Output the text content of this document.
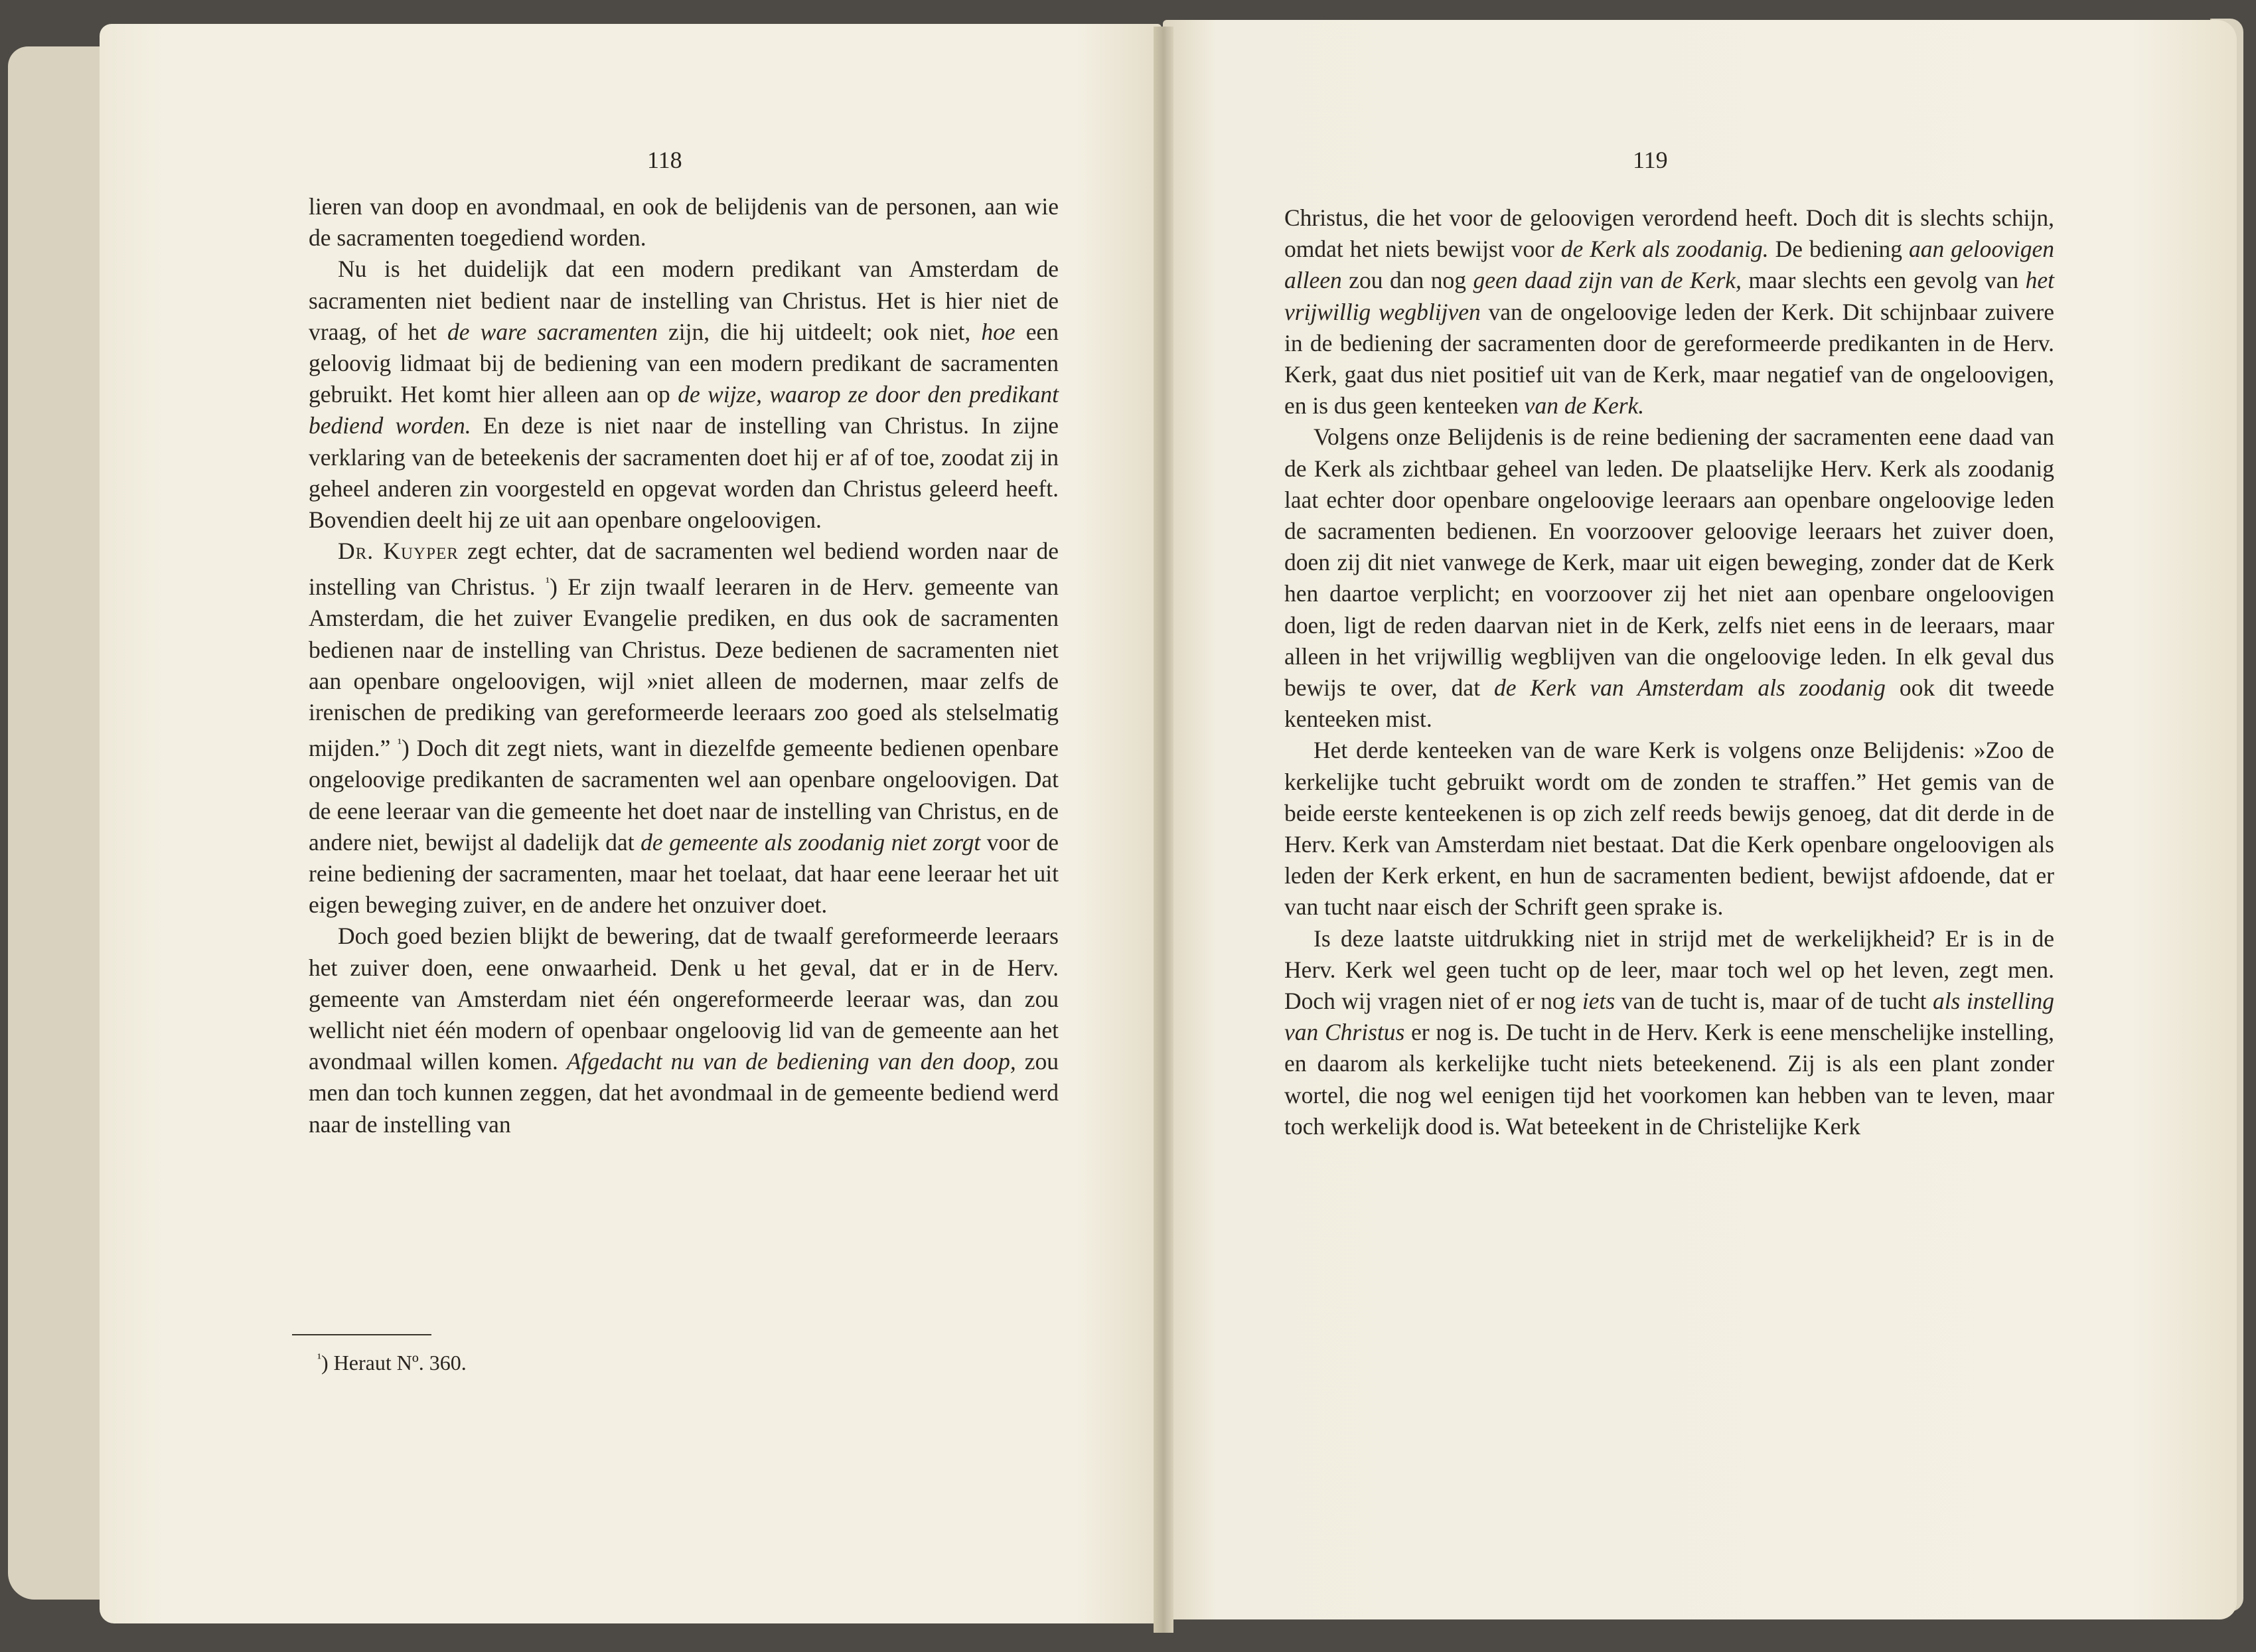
118	119

lieren van doop en avondmaal, en ook de belijdenis van de personen, aan wie de sacramenten toegediend worden.

Nu is het duidelijk dat een modern predikant van Amsterdam de sacramenten niet bedient naar de instelling van Christus. Het is hier niet de vraag, of het de ware sacramenten zijn, die hij uitdeelt; ook niet, hoe een geloovig lidmaat bij de bediening van een modern predikant de sacramenten gebruikt. Het komt hier alleen aan op de wijze, waarop ze door den predikant bediend worden. En deze is niet naar de instelling van Christus. In zijne verklaring van de beteekenis der sacramenten doet hij er af of toe, zoodat zij in geheel anderen zin voorgesteld en opgevat worden dan Christus geleerd heeft. Bovendien deelt hij ze uit aan openbare ongeloovigen.

Dr. Kuyper zegt echter, dat de sacramenten wel bediend worden naar de instelling van Christus. $^{^1}$) Er zijn twaalf leeraren in de Herv. gemeente van Amsterdam, die het zuiver Evangelie prediken, en dus ook de sacramenten bedienen naar de instelling van Christus. Deze bedienen de sacramenten niet aan openbare ongeloovigen, wijl »niet alleen de modernen, maar zelfs de irenischen de prediking van gereformeerde leeraars zoo goed als stelselmatig mijden.” $^{^1}$) Doch dit zegt niets, want in diezelfde gemeente bedienen openbare ongeloovige predikanten de sacramenten wel aan openbare ongeloovigen. Dat de eene leeraar van die gemeente het doet naar de instelling van Christus, en de andere niet, bewijst al dadelijk dat de gemeente als zoodanig niet zorgt voor de reine bediening der sacramenten, maar het toelaat, dat haar eene leeraar het uit eigen beweging zuiver, en de andere het onzuiver doet.

Doch goed bezien blijkt de bewering, dat de twaalf gereformeerde leeraars het zuiver doen, eene onwaarheid. Denk u het geval, dat er in de Herv. gemeente van Amsterdam niet één ongereformeerde leeraar was, dan zou wellicht niet één modern of openbaar ongeloovig lid van de gemeente aan het avondmaal willen komen. Afgedacht nu van de bediening van den doop, zou men dan toch kunnen zeggen, dat het avondmaal in de gemeente bediend werd naar de instelling van

$^{^1}$) Heraut Nº. 360.

Christus, die het voor de geloovigen verordend heeft. Doch dit is slechts schijn, omdat het niets bewijst voor de Kerk als zoodanig. De bediening aan geloovigen alleen zou dan nog geen daad zijn van de Kerk, maar slechts een gevolg van het vrijwillig wegblijven van de ongeloovige leden der Kerk. Dit schijnbaar zuivere in de bediening der sacramenten door de gereformeerde predikanten in de Herv. Kerk, gaat dus niet positief uit van de Kerk, maar negatief van de ongeloovigen, en is dus geen kenteeken van de Kerk.

Volgens onze Belijdenis is de reine bediening der sacramenten eene daad van de Kerk als zichtbaar geheel van leden. De plaatselijke Herv. Kerk als zoodanig laat echter door openbare ongeloovige leeraars aan openbare ongeloovige leden de sacramenten bedienen. En voorzoover geloovige leeraars het zuiver doen, doen zij dit niet vanwege de Kerk, maar uit eigen beweging, zonder dat de Kerk hen daartoe verplicht; en voorzoover zij het niet aan openbare ongeloovigen doen, ligt de reden daarvan niet in de Kerk, zelfs niet eens in de leeraars, maar alleen in het vrijwillig wegblijven van die ongeloovige leden. In elk geval dus bewijs te over, dat de Kerk van Amsterdam als zoodanig ook dit tweede kenteeken mist.

Het derde kenteeken van de ware Kerk is volgens onze Belijdenis: »Zoo de kerkelijke tucht gebruikt wordt om de zonden te straffen.” Het gemis van de beide eerste kenteekenen is op zich zelf reeds bewijs genoeg, dat dit derde in de Herv. Kerk van Amsterdam niet bestaat. Dat die Kerk openbare ongeloovigen als leden der Kerk erkent, en hun de sacramenten bedient, bewijst afdoende, dat er van tucht naar eisch der Schrift geen sprake is.

Is deze laatste uitdrukking niet in strijd met de werkelijkheid? Er is in de Herv. Kerk wel geen tucht op de leer, maar toch wel op het leven, zegt men. Doch wij vragen niet of er nog iets van de tucht is, maar of de tucht als instelling van Christus er nog is. De tucht in de Herv. Kerk is eene menschelijke instelling, en daarom als kerkelijke tucht niets beteekenend. Zij is als een plant zonder wortel, die nog wel eenigen tijd het voorkomen kan hebben van te leven, maar toch werkelijk dood is. Wat beteekent in de Christelijke Kerk
